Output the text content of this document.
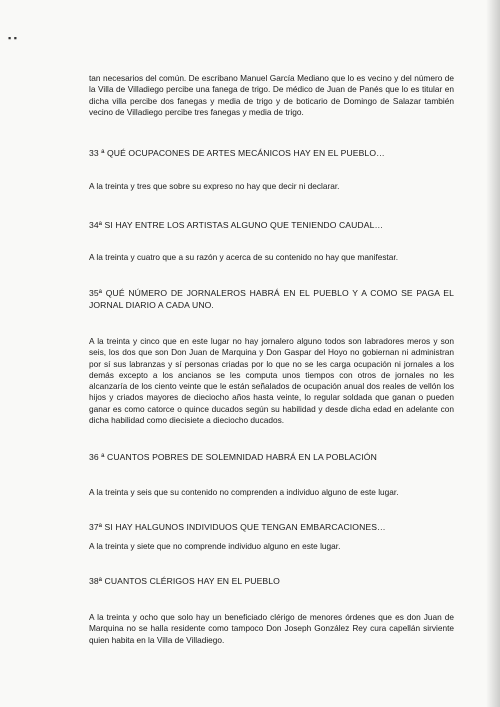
▪ ▪

tan necesarios del común. De escribano Manuel García Mediano que lo es vecino y del número de la Villa de Villadiego percibe una fanega de trigo. De médico de Juan de Panés que lo es titular en dicha villa percibe dos fanegas y media de trigo y de boticario de Domingo de Salazar también vecino de Villadiego percibe tres fanegas y media de trigo.

33 ª QUÉ OCUPACONES DE ARTES MECÁNICOS HAY EN EL PUEBLO…

A la treinta y tres que sobre su expreso no hay que decir ni declarar.

34ª SI HAY ENTRE LOS ARTISTAS ALGUNO QUE TENIENDO CAUDAL…

A la treinta y cuatro que a su razón y acerca de su contenido no hay que manifestar.

35ª QUÉ NÚMERO DE JORNALEROS HABRÁ EN EL PUEBLO Y A COMO SE PAGA EL JORNAL DIARIO A CADA UNO.

A la treinta y cinco que en este lugar no hay jornalero alguno todos son labradores meros y son seis, los dos que son Don Juan de Marquina y Don Gaspar del Hoyo no gobiernan ni administran por sí sus labranzas y sí personas criadas por lo que no se les carga ocupación ni jornales a los demás excepto a los ancianos se les computa unos tiempos con otros de jornales no les alcanzaría de los ciento veinte que le están señalados de ocupación anual dos reales de vellón los hijos y criados mayores de dieciocho años hasta veinte, lo regular soldada que ganan o pueden ganar es como catorce o quince ducados según su habilidad y desde dicha edad en adelante con dicha habilidad como diecisiete a dieciocho ducados.

36 ª CUANTOS POBRES DE SOLEMNIDAD HABRÁ EN LA POBLACIÓN

A la treinta y seis que su contenido no comprenden a individuo alguno de este lugar.

37ª SI HAY HALGUNOS INDIVIDUOS QUE TENGAN EMBARCACIONES…

A la treinta y siete que no comprende individuo alguno en este lugar.

38ª CUANTOS CLÉRIGOS HAY EN EL PUEBLO

A la treinta y ocho que solo hay un beneficiado clérigo de menores órdenes que es don Juan de Marquina no se halla residente como tampoco Don Joseph González Rey cura capellán sirviente quien habita en la Villa de Villadiego.
